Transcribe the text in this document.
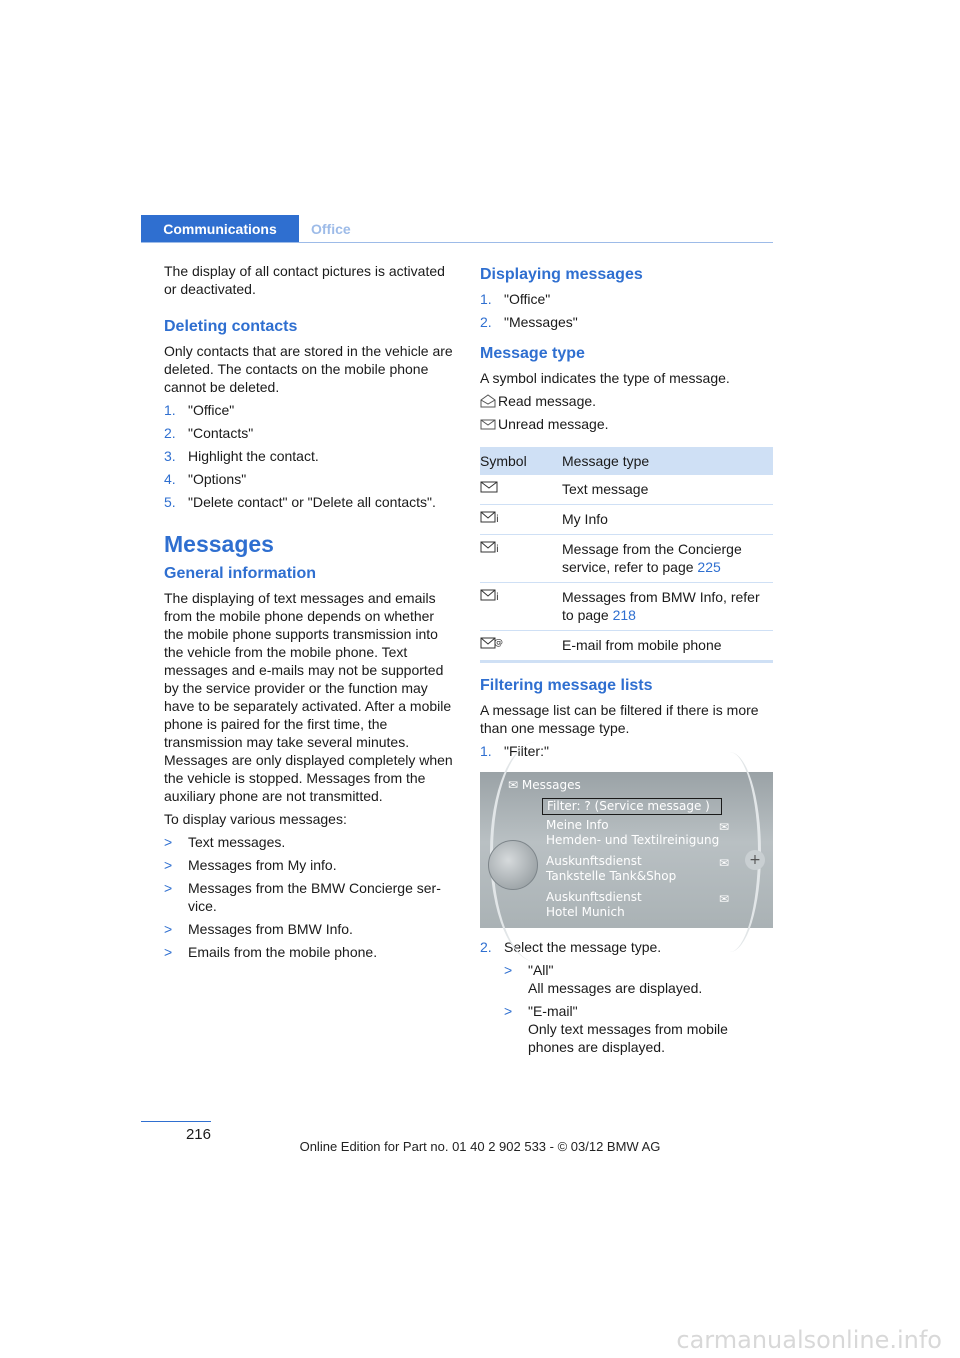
Communications	Office

The display of all contact pictures is activated or deactivated.

Deleting contacts

Only contacts that are stored in the vehicle are deleted. The contacts on the mobile phone cannot be deleted.

1. "Office"
2. "Contacts"
3. Highlight the contact.
4. "Options"
5. "Delete contact" or "Delete all contacts".
Messages
General information

The displaying of text messages and emails from the mobile phone depends on whether the mobile phone supports transmission into the vehicle from the mobile phone. Text messages and e-mails may not be supported by the service provider or the function may have to be separately activated. After a mobile phone is paired for the first time, the transmission may take several minutes. Messages are only displayed completely when the vehicle is stopped. Messages from the auxiliary phone are not transmitted.

To display various messages:

>	Text messages.
>	Messages from My info.
>	Messages from the BMW Concierge service.
>	Messages from BMW Info.
>	Emails from the mobile phone.
Displaying messages
1. "Office"
2. "Messages"
Message type

A symbol indicates the type of message.

Read message.
Unread message.
Symbol	Message type
	Text message

i	My Info

i	Message from the Concierge service, refer to page 225

i	Messages from BMW Info, refer to page 218

@	E-mail from mobile phone
Filtering message lists

A message list can be filtered if there is more than one message type.

1. "Filter:"
✉ Messages
Filter: ? (Service message )
Meine Info
Hemden- und Textilreinigung
✉
Auskunftsdienst
Tankstelle Tank&Shop
✉
Auskunftsdienst
Hotel Munich
✉
+
2. Select the message type.
>	"All"
All messages are displayed.
>	"E-mail"
Only text messages from mobile phones are displayed.
216
Online Edition for Part no. 01 40 2 902 533 - © 03/12 BMW AG
carmanualsonline.info
